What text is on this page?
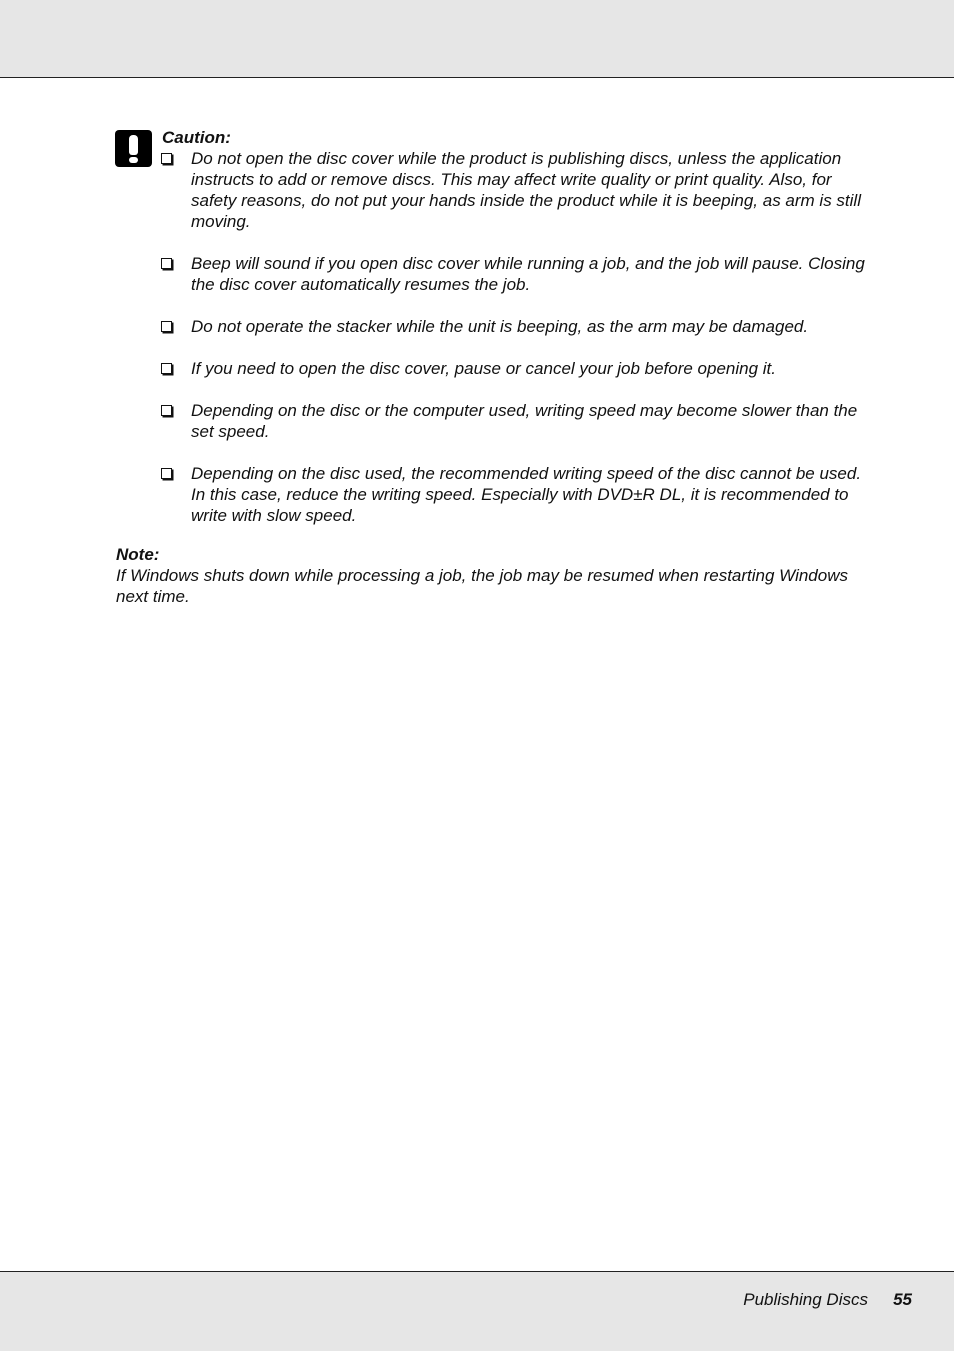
Caution:

Do not open the disc cover while the product is publishing discs, unless the application instructs to add or remove discs. This may affect write quality or print quality. Also, for safety reasons, do not put your hands inside the product while it is beeping, as arm is still moving.
Beep will sound if you open disc cover while running a job, and the job will pause. Closing the disc cover automatically resumes the job.
Do not operate the stacker while the unit is beeping, as the arm may be damaged.
If you need to open the disc cover, pause or cancel your job before opening it.
Depending on the disc or the computer used, writing speed may become slower than the set speed.
Depending on the disc used, the recommended writing speed of the disc cannot be used. In this case, reduce the writing speed. Especially with DVD±R DL, it is recommended to write with slow speed.

Note:

If Windows shuts down while processing a job, the job may be resumed when restarting Windows next time.

Publishing Discs 55
